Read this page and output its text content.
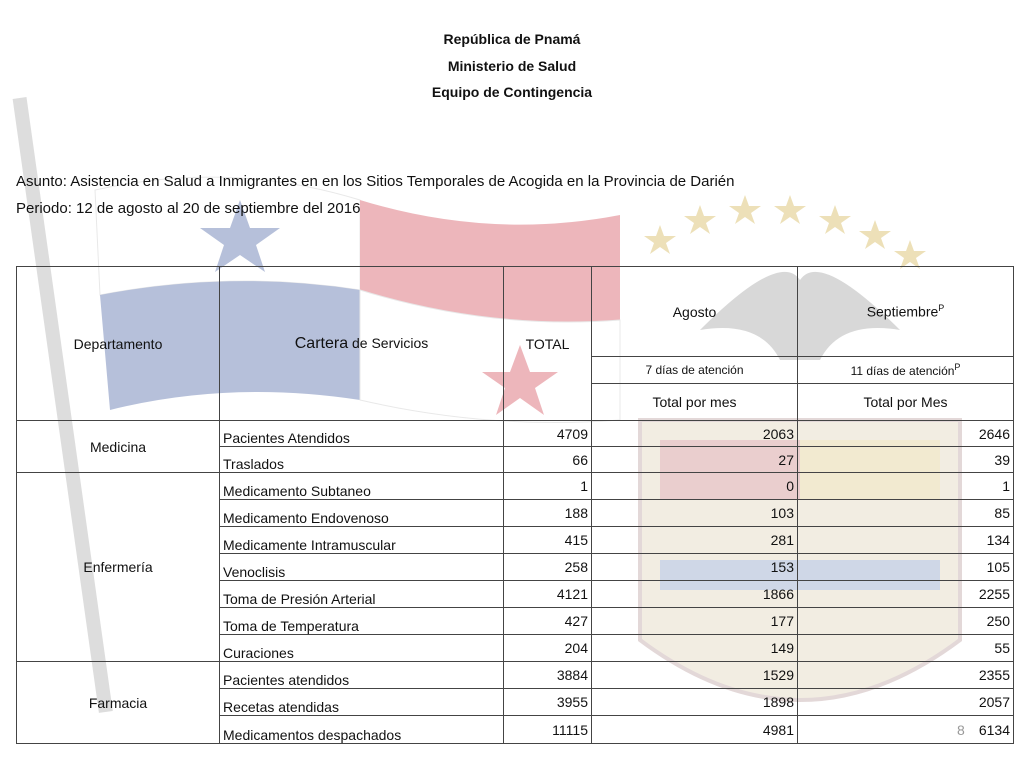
República de Pnamá
Ministerio de Salud
Equipo de Contingencia
Asunto: Asistencia en Salud a Inmigrantes en en los Sitios Temporales de Acogida en la Provincia de Darién
Periodo: 12 de agosto al 20 de septiembre del 2016
Departamento	Cartera de Servicios	TOTAL	Agosto	Septiembre$^P$
			7 días de atención	11 días de atención$^P$
			Total por mes	Total por Mes
Medicina	Pacientes Atendidos	4709	2063	2646
	Traslados	66	27	39
Enfermería	Medicamento Subtaneo	1	0	1
	Medicamento Endovenoso	188	103	85
	Medicamente Intramuscular	415	281	134
	Venoclisis	258	153	105
	Toma de Presión Arterial	4121	1866	2255
	Toma de Temperatura	427	177	250
	Curaciones	204	149	55
Farmacia	Pacientes atendidos	3884	1529	2355
	Recetas atendidas	3955	1898	2057
	Medicamentos despachados	11115	4981	8 6134
